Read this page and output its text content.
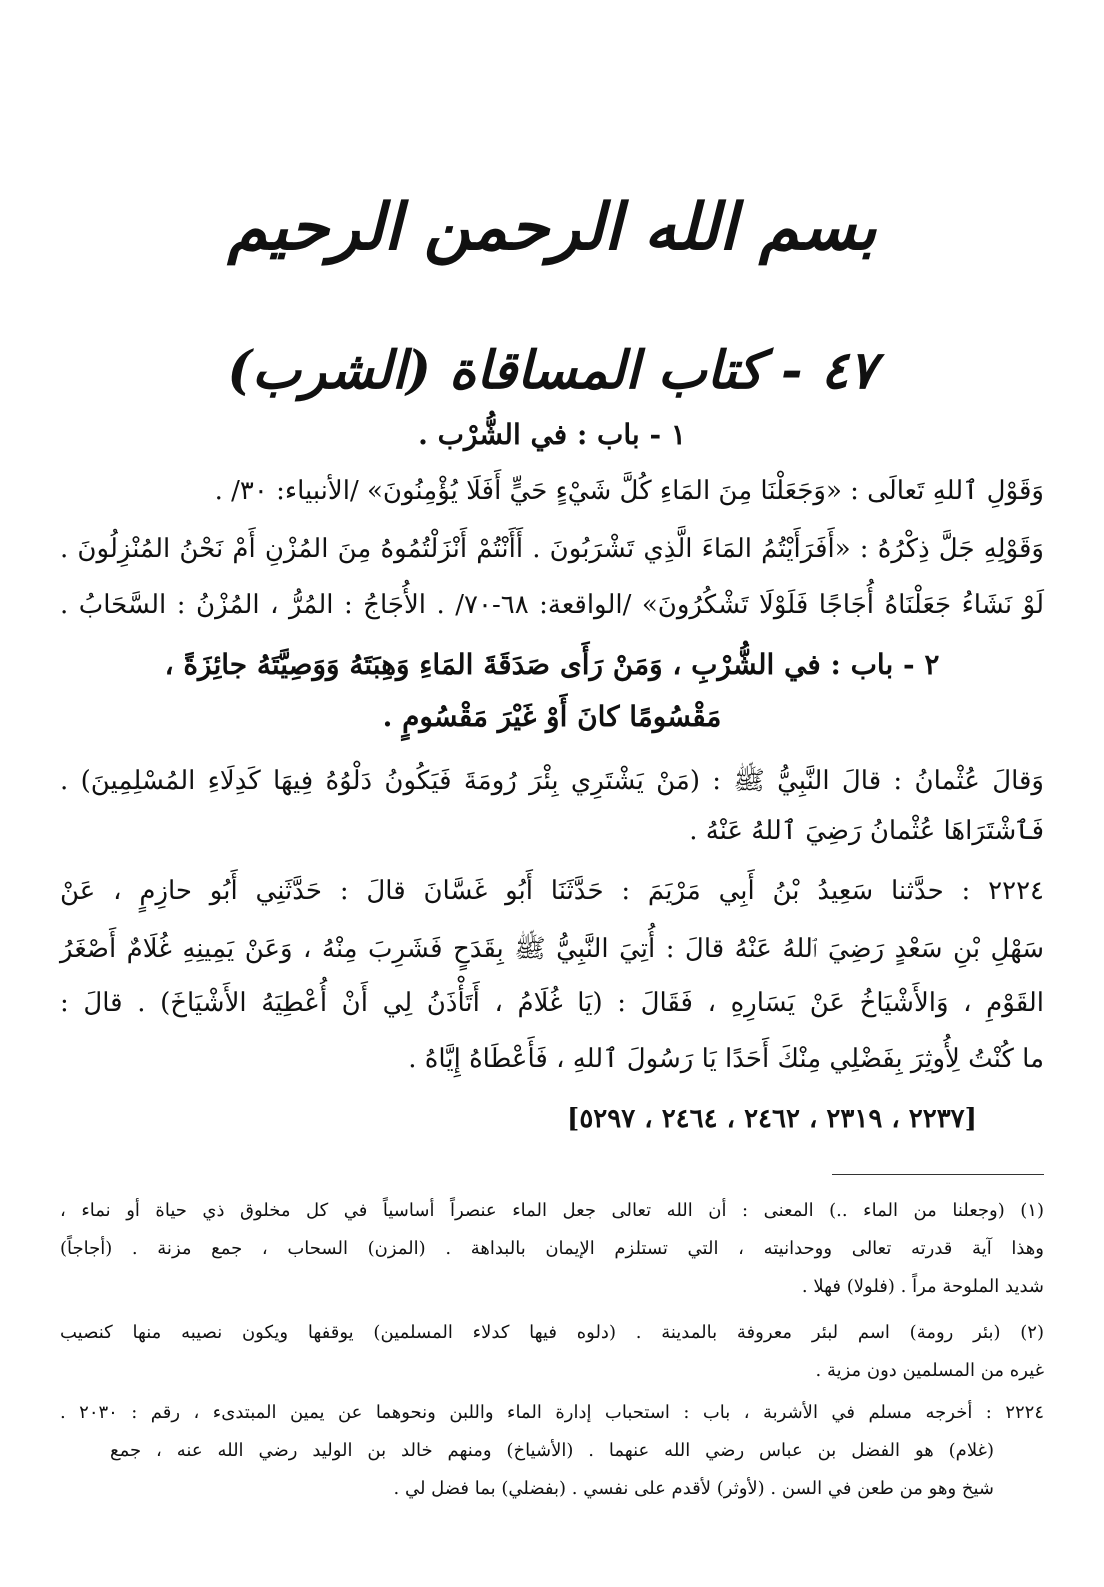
بسم الله الرحمن الرحيم
٤٧ - كتاب المساقاة (الشرب)
١ - باب : في الشُّرْب .
وَقَوْلِ ٱللهِ تَعالَى : «وَجَعَلْنَا مِنَ المَاءِ كُلَّ شَيْءٍ حَيٍّ أَفَلَا يُؤْمِنُونَ» /الأنبياء: ٣٠/ .
وَقَوْلِهِ جَلَّ ذِكْرُهُ : «أَفَرَأَيْتُمُ المَاءَ الَّذِي تَشْرَبُونَ . أَأَنْتُمْ أَنْزَلْتُمُوهُ مِنَ المُزْنِ أَمْ نَحْنُ المُنْزِلُونَ .
لَوْ نَشَاءُ جَعَلْنَاهُ أُجَاجًا فَلَوْلَا تَشْكُرُونَ» /الواقعة: ٦٨-٧٠/ . الأُجَاجُ : المُرُّ ، المُزْنُ : السَّحَابُ .
٢ - باب : في الشُّرْبِ ، وَمَنْ رَأَى صَدَقَةَ المَاءِ وَهِبَتَهُ وَوَصِيَّتَهُ جائِزَةً ،
مَقْسُومًا كانَ أَوْ غَيْرَ مَقْسُومٍ .
وَقالَ عُثْمانُ : قالَ النَّبِيُّ ﷺ : (مَنْ يَشْتَرِي بِئْرَ رُومَةَ فَيَكُونُ دَلْوُهُ فِيهَا كَدِلَاءِ المُسْلِمِينَ) .
فَٱشْتَرَاهَا عُثْمانُ رَضِيَ ٱللهُ عَنْهُ .
٢٢٢٤ : حدَّثنا سَعِيدُ بْنُ أَبِي مَرْيَمَ : حَدَّثَنَا أَبُو غَسَّانَ قالَ : حَدَّثَنِي أَبُو حازِمٍ ، عَنْ
سَهْلِ بْنِ سَعْدٍ رَضِيَ ٱللهُ عَنْهُ قالَ : أُتِيَ النَّبِيُّ ﷺ بِقَدَحٍ فَشَرِبَ مِنْهُ ، وَعَنْ يَمِينِهِ غُلَامٌ أَصْغَرُ
القَوْمِ ، وَالأَشْيَاخُ عَنْ يَسَارِهِ ، فَقَالَ : (يَا غُلَامُ ، أَتَأْذَنُ لِي أَنْ أُعْطِيَهُ الأَشْيَاخَ) . قالَ :
ما كُنْتُ لِأُوثِرَ بِفَضْلِي مِنْكَ أَحَدًا يَا رَسُولَ ٱللهِ ، فَأَعْطَاهُ إِيَّاهُ .
[٢٢٣٧ ، ٢٣١٩ ، ٢٤٦٢ ، ٢٤٦٤ ، ٥٢٩٧]
(١) (وجعلنا من الماء ..) المعنى : أن الله تعالى جعل الماء عنصراً أساسياً في كل مخلوق ذي حياة أو نماء ،
وهذا آية قدرته تعالى ووحدانيته ، التي تستلزم الإيمان بالبداهة . (المزن) السحاب ، جمع مزنة . (أجاجاً)
شديد الملوحة مراً . (فلولا) فهلا .
(٢) (بئر رومة) اسم لبئر معروفة بالمدينة . (دلوه فيها كدلاء المسلمين) يوقفها ويكون نصيبه منها كنصيب
غيره من المسلمين دون مزية .
٢٢٢٤ : أخرجه مسلم في الأشربة ، باب : استحباب إدارة الماء واللبن ونحوهما عن يمين المبتدىء ، رقم : ٢٠٣٠ .
(غلام) هو الفضل بن عباس رضي الله عنهما . (الأشياخ) ومنهم خالد بن الوليد رضي الله عنه ، جمع
شيخ وهو من طعن في السن . (لأوثر) لأقدم على نفسي . (بفضلي) بما فضل لي .
